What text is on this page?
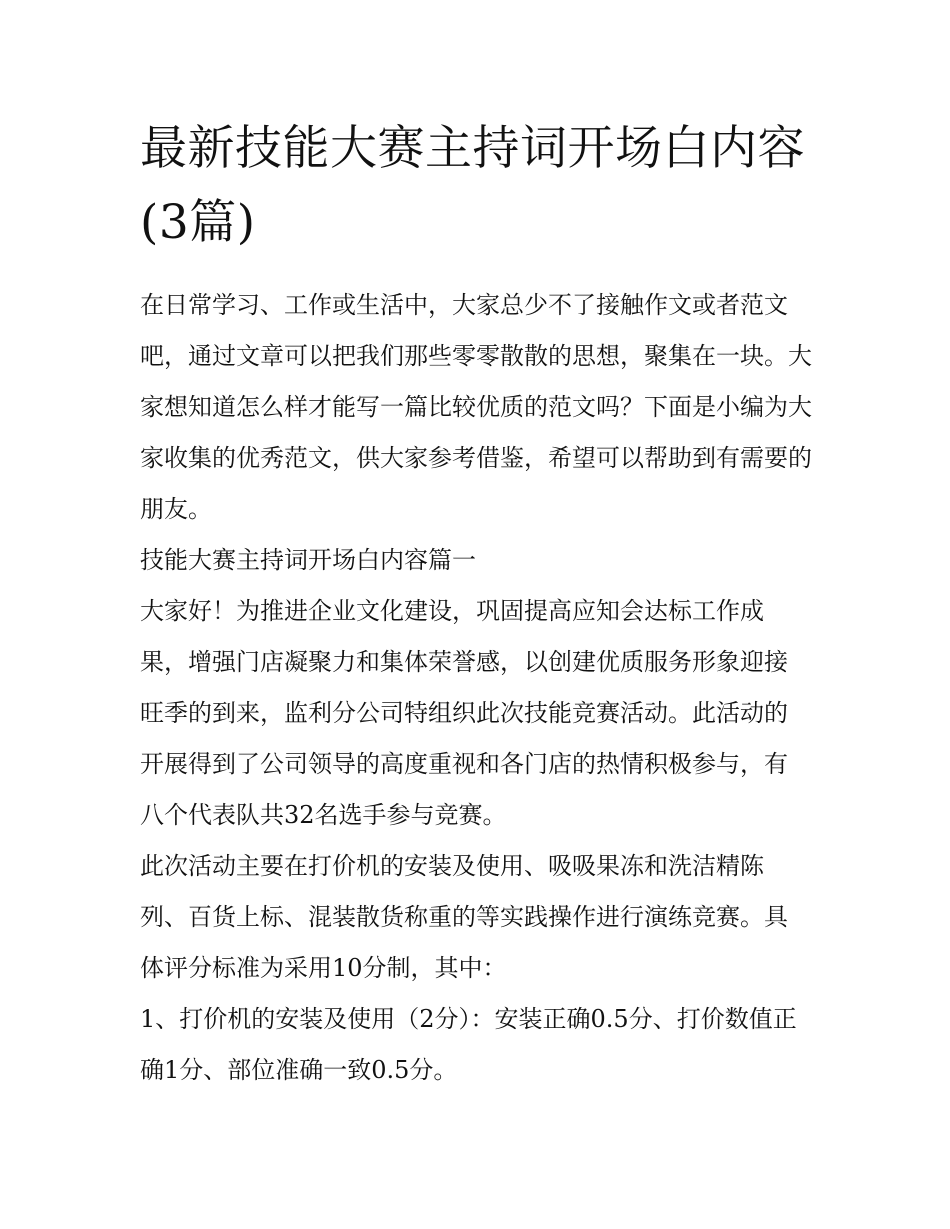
最新技能大赛主持词开场白内容(3篇)

在日常学习、工作或生活中，大家总少不了接触作文或者范文吧，通过文章可以把我们那些零零散散的思想，聚集在一块。大家想知道怎么样才能写一篇比较优质的范文吗？下面是小编为大家收集的优秀范文，供大家参考借鉴，希望可以帮助到有需要的朋友。

技能大赛主持词开场白内容篇一

大家好！为推进企业文化建设，巩固提高应知会达标工作成果，增强门店凝聚力和集体荣誉感，以创建优质服务形象迎接旺季的到来，监利分公司特组织此次技能竞赛活动。此活动的开展得到了公司领导的高度重视和各门店的热情积极参与，有八个代表队共32名选手参与竞赛。

此次活动主要在打价机的安装及使用、吸吸果冻和洗洁精陈列、百货上标、混装散货称重的等实践操作进行演练竞赛。具体评分标准为采用10分制，其中：

1、打价机的安装及使用（2分）：安装正确0.5分、打价数值正确1分、部位准确一致0.5分。
